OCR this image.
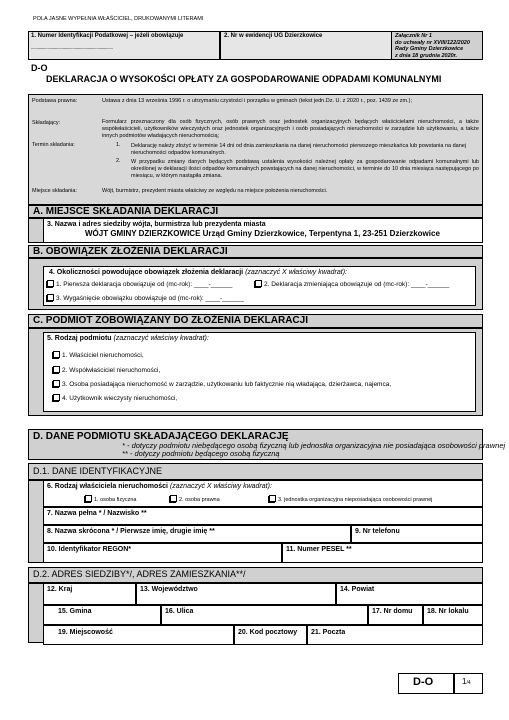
POLA JASNE WYPEŁNIA WŁAŚCICIEL, DRUKOWANYMI LITERAMI
1. Numer Identyfikacji Podatkowej – jeżeli obowiązuje
...........................................................................
2. Nr w ewidencji UG Dzierzkowice	Załącznik Nr 1
do uchwały nr XVIII/122/2020
Rady Gminy Dzierzkowice
z dnia 18 grudnia 2020r.
D-O
DEKLARACJA O WYSOKOŚCI OPŁATY ZA GOSPODAROWANIE ODPADAMI KOMUNALNYMI
Podstawa prawna:	Ustawa z dnia 13 września 1996 r. o utrzymaniu czystości i porządku w gminach (tekst jedn.Dz. U. z 2020 r., poz. 1439 ze zm.);
Składający:	Formularz przeznaczony dla osób fizycznych, osób prawnych oraz jednostek organizacyjnych będących właścicielami nieruchomości, a także współwłaścicieli, użytkowników wieczystych oraz jednostek organizacyjnych i osób posiadających nieruchomości w zarządzie lub użytkowaniu, a także innych podmiotów władających nieruchomością;
Termin składania:	1. Deklarację należy złożyć w terminie 14 dni od dnia zamieszkania na danej nieruchomości pierwszego mieszkańca lub powstania na danej nieruchomości odpadów komunalnych.
2. W przypadku zmiany danych będących podstawą ustalenia wysokości należnej opłaty za gospodarowanie odpadami komunalnymi lub określonej w deklaracji ilości odpadów komunalnych powstających na danej nieruchomości, w terminie do 10 dnia miesiąca następującego po miesiącu, w którym nastąpiła zmiana.
Miejsce składania:	Wójt, burmistrz, prezydent miasta właściwy ze względu na miejsce położenia nieruchomości.
A. MIEJSCE SKŁADANIA DEKLARACJI
3. Nazwa i adres siedziby wójta, burmistrza lub prezydenta miasta
WÓJT GMINY DZIERZKOWICE Urząd Gminy Dzierzkowice, Terpentyna 1, 23-251 Dzierzkowice
B. OBOWIĄZEK ZŁOŻENIA DEKLARACJI
4. Okoliczności powodujące obowiązek złożenia deklaracji (zaznaczyć X właściwy kwadrat):
1. Pierwsza deklaracja obowiązuje od (mc-rok): ____-______	2. Deklaracja zmieniająca obowiązuje od (mc-rok): ____-______
3. Wygaśnięcie obowiązku obowiązuje od (mc-rok): ____-______
C. PODMIOT ZOBOWIĄZANY DO ZŁOŻENIA DEKLARACJI
5. Rodzaj podmiotu (zaznaczyć właściwy kwadrat):
1. Właściciel nieruchomości,
2. Współwłaściciel nieruchomości,
3. Osoba posiadająca nieruchomość w zarządzie, użytkowaniu lub faktycznie nią władająca, dzierżawca, najemca,
4. Użytkownik wieczysty nieruchomości,
D. DANE PODMIOTU SKŁADAJĄCEGO DEKLARACJĘ
* - dotyczy podmiotu niebędącego osobą fizyczną lub jednostka organizacyjna nie posiadająca osobowości prawnej
** - dotyczy podmiotu będącego osobą fizyczną
D.1. DANE IDENTYFIKACYJNE
6. Rodzaj właściciela nieruchomości (zaznaczyć X właściwy kwadrat):
1. osoba fizyczna	2. osoba prawna	3. jednostka organizacyjna nieposiadająca osobowości prawnej
7. Nazwa pełna * / Nazwisko **
8. Nazwa skrócona * / Pierwsze imię, drugie imię **	9. Nr telefonu
10. Identyfikator REGON*	11. Numer PESEL **
D.2. ADRES SIEDZIBY*/, ADRES ZAMIESZKANIA**/
12. Kraj	13. Województwo	14. Powiat
15. Gmina	16. Ulica	17. Nr domu 18. Nr lokalu
19. Miejscowość	20. Kod pocztowy 21. Poczta
D-O	1/4
